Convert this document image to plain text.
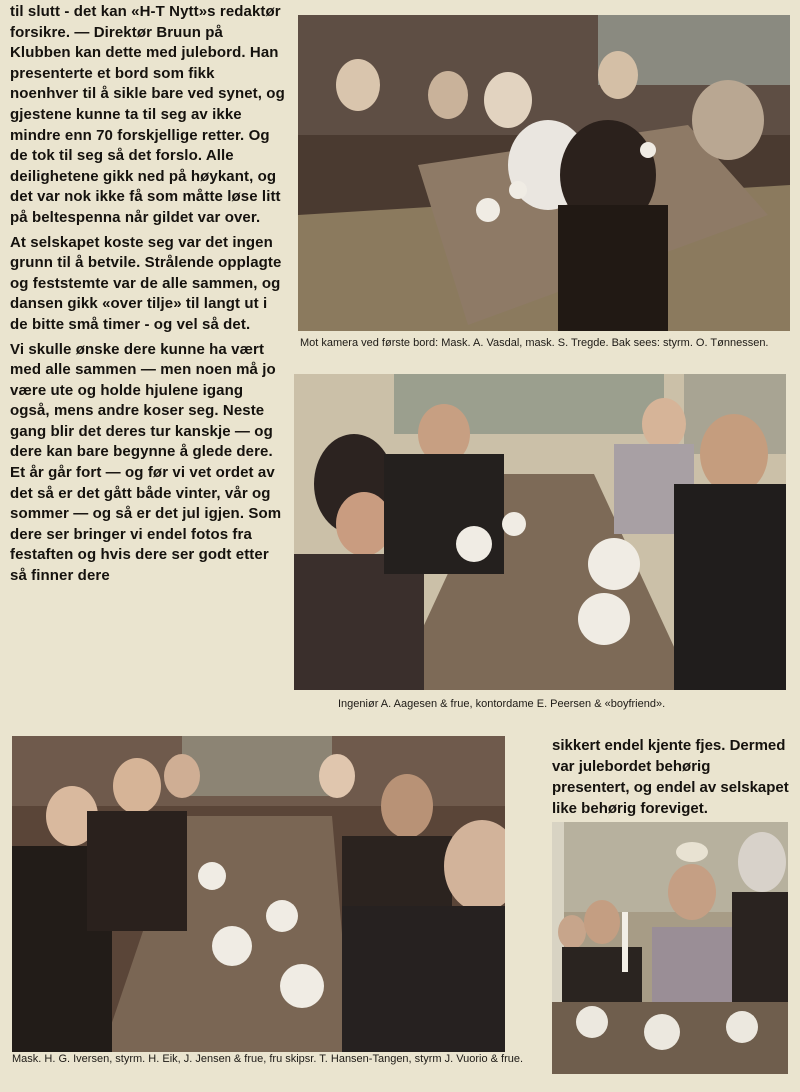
til slutt - det kan «H-T Nytt»s redaktør forsikre. — Direktør Bruun på Klubben kan dette med julebord. Han presenterte et bord som fikk noenhver til å sikle bare ved synet, og gjestene kunne ta til seg av ikke mindre enn 70 forskjellige retter. Og de tok til seg så det forslo. Alle deilighetene gikk ned på høykant, og det var nok ikke få som måtte løse litt på beltespenna når gildet var over.

At selskapet koste seg var det ingen grunn til å betvile. Strålende opplagte og feststemte var de alle sammen, og dansen gikk «over tilje» til langt ut i de bitte små timer - og vel så det.

Vi skulle ønske dere kunne ha vært med alle sammen — men noen må jo være ute og holde hjulene igang også, mens andre koser seg. Neste gang blir det deres tur kanskje — og dere kan bare begynne å glede dere. Et år går fort — og før vi vet ordet av det så er det gått både vinter, vår og sommer — og så er det jul igjen. Som dere ser bringer vi endel fotos fra festaften og hvis dere ser godt etter så finner dere

Mot kamera ved første bord: Mask. A. Vasdal, mask. S. Tregde. Bak sees: styrm. O. Tønnessen.
Ingeniør A. Aagesen & frue, kontordame E. Peersen & «boyfriend».
Mask. H. G. Iversen, styrm. H. Eik, J. Jensen & frue, fru skipsr. T. Hansen-Tangen, styrm J. Vuorio & frue.
sikkert endel kjente fjes. Dermed var julebordet behørig presentert, og endel av selskapet like behørig foreviget.
